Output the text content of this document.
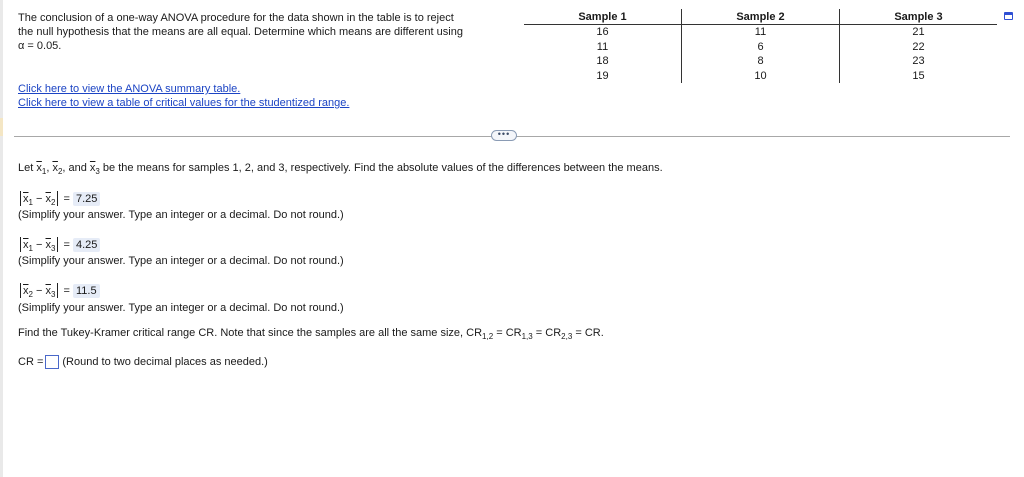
The conclusion of a one-way ANOVA procedure for the data shown in the table is to reject
the null hypothesis that the means are all equal. Determine which means are different using
α = 0.05.
Click here to view the ANOVA summary table.
Click here to view a table of critical values for the studentized range.
Sample 1	Sample 2	Sample 3
16	11	21
11	6	22
18	8	23
19	10	15
•••
Let $\overline{x}_1$, $\overline{x}_2$, and $\overline{x}_3$ be the means for samples 1, 2, and 3, respectively. Find the absolute values of the differences between the means.
$\overline{x}_1 - \overline{x}_2 = 7.25$
(Simplify your answer. Type an integer or a decimal. Do not round.)
$\overline{x}_1 - \overline{x}_3 = 4.25$
(Simplify your answer. Type an integer or a decimal. Do not round.)
$\overline{x}_2 - \overline{x}_3 = 11.5$
(Simplify your answer. Type an integer or a decimal. Do not round.)
Find the Tukey-Kramer critical range CR. Note that since the samples are all the same size, $CR_{1,2} = CR_{1,3} = CR_{2,3}$ = CR.
CR = (Round to two decimal places as needed.)
